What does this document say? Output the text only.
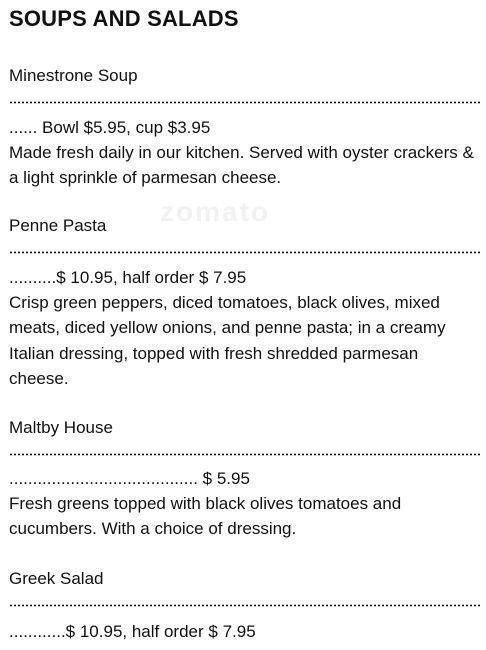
zomato
SOUPS AND SALADS
Minestrone Soup
...... Bowl $5.95, cup $3.95

Made fresh daily in our kitchen. Served with oyster crackers & a light sprinkle of parmesan cheese.

Penne Pasta
..........$ 10.95, half order $ 7.95

Crisp green peppers, diced tomatoes, black olives, mixed meats, diced yellow onions, and penne pasta; in a creamy Italian dressing, topped with fresh shredded parmesan cheese.

Maltby House
........................................ $ 5.95

Fresh greens topped with black olives tomatoes and cucumbers. With a choice of dressing.

Greek Salad
............$ 10.95, half order $ 7.95
